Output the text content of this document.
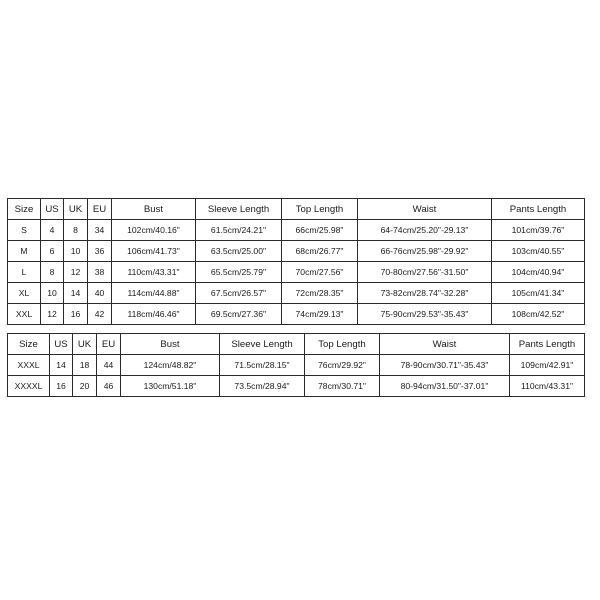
Size	US	UK	EU	Bust	Sleeve Length	Top Length	Waist	Pants Length
S	4	8	34	102cm/40.16"	61.5cm/24.21"	66cm/25.98"	64-74cm/25.20"-29.13"	101cm/39.76"
M	6	10	36	106cm/41.73"	63.5cm/25.00"	68cm/26.77"	66-76cm/25.98"-29.92"	103cm/40.55"
L	8	12	38	110cm/43.31"	65.5cm/25.79"	70cm/27.56"	70-80cm/27.56"-31.50"	104cm/40.94"
XL	10	14	40	114cm/44.88"	67.5cm/26.57"	72cm/28.35"	73-82cm/28.74"-32.28"	105cm/41.34"
XXL	12	16	42	118cm/46.46"	69.5cm/27.36"	74cm/29.13"	75-90cm/29.53"-35.43"	108cm/42.52"
Size	US	UK	EU	Bust	Sleeve Length	Top Length	Waist	Pants Length
XXXL	14	18	44	124cm/48.82"	71.5cm/28.15"	76cm/29.92"	78-90cm/30.71"-35.43"	109cm/42.91"
XXXXL	16	20	46	130cm/51.18"	73.5cm/28.94"	78cm/30.71"	80-94cm/31.50"-37.01"	110cm/43.31"
